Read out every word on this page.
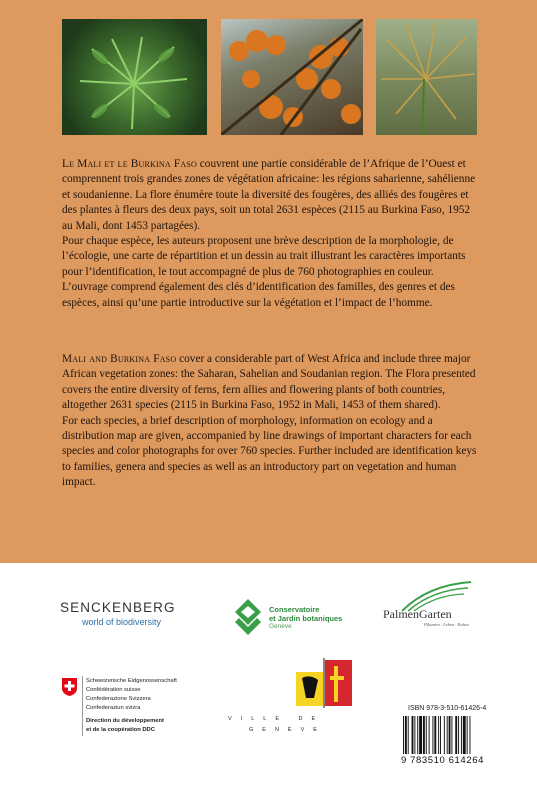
Le Mali et le Burkina Faso couvrent une partie considérable de l’Afrique de l’Ouest et comprennent trois grandes zones de végétation africaine: les régions saharienne, sahélienne et soudanienne. La flore énumère toute la diversité des fougères, des alliés des fougères et des plantes à fleurs des deux pays, soit un total 2631 espèces (2115 au Burkina Faso, 1952 au Mali, dont 1453 partagées).

Pour chaque espèce, les auteurs proposent une brève description de la morphologie, de l’écologie, une carte de répartition et un dessin au trait illustrant les caractères importants pour l’identification, le tout accompagné de plus de 760 photographies en couleur. L’ouvrage comprend également des clés d’identification des familles, des genres et des espèces, ainsi qu’une partie introductive sur la végétation et l’impact de l’homme.

Mali and Burkina Faso cover a considerable part of West Africa and include three major African vegetation zones: the Saharan, Sahelian and Soudanian region. The Flora presented covers the entire diversity of ferns, fern allies and flowering plants of both countries, altogether 2631 species (2115 in Burkina Faso, 1952 in Mali, 1453 of them shared).

For each species, a brief description of morphology, information on ecology and a distribution map are given, accompanied by line drawings of important characters for each species and color photographs for over 760 species. Further included are identification keys to families, genera and species as well as an introductory part on vegetation and human impact.

SENCKENBERG
world of biodiversity
Conservatoire
et Jardin botaniques
Genève
PalmenGarten
Pflanzen · Leben · Kultur
Schweizerische Eidgenossenschaft
Confédération suisse
Confederazione Svizzera
Confederaziun svizra
Direction du développement
et de la coopération DDC
VILLE DE
GENÈVE
ISBN 978-3-510-61426-4
9 783510 614264
